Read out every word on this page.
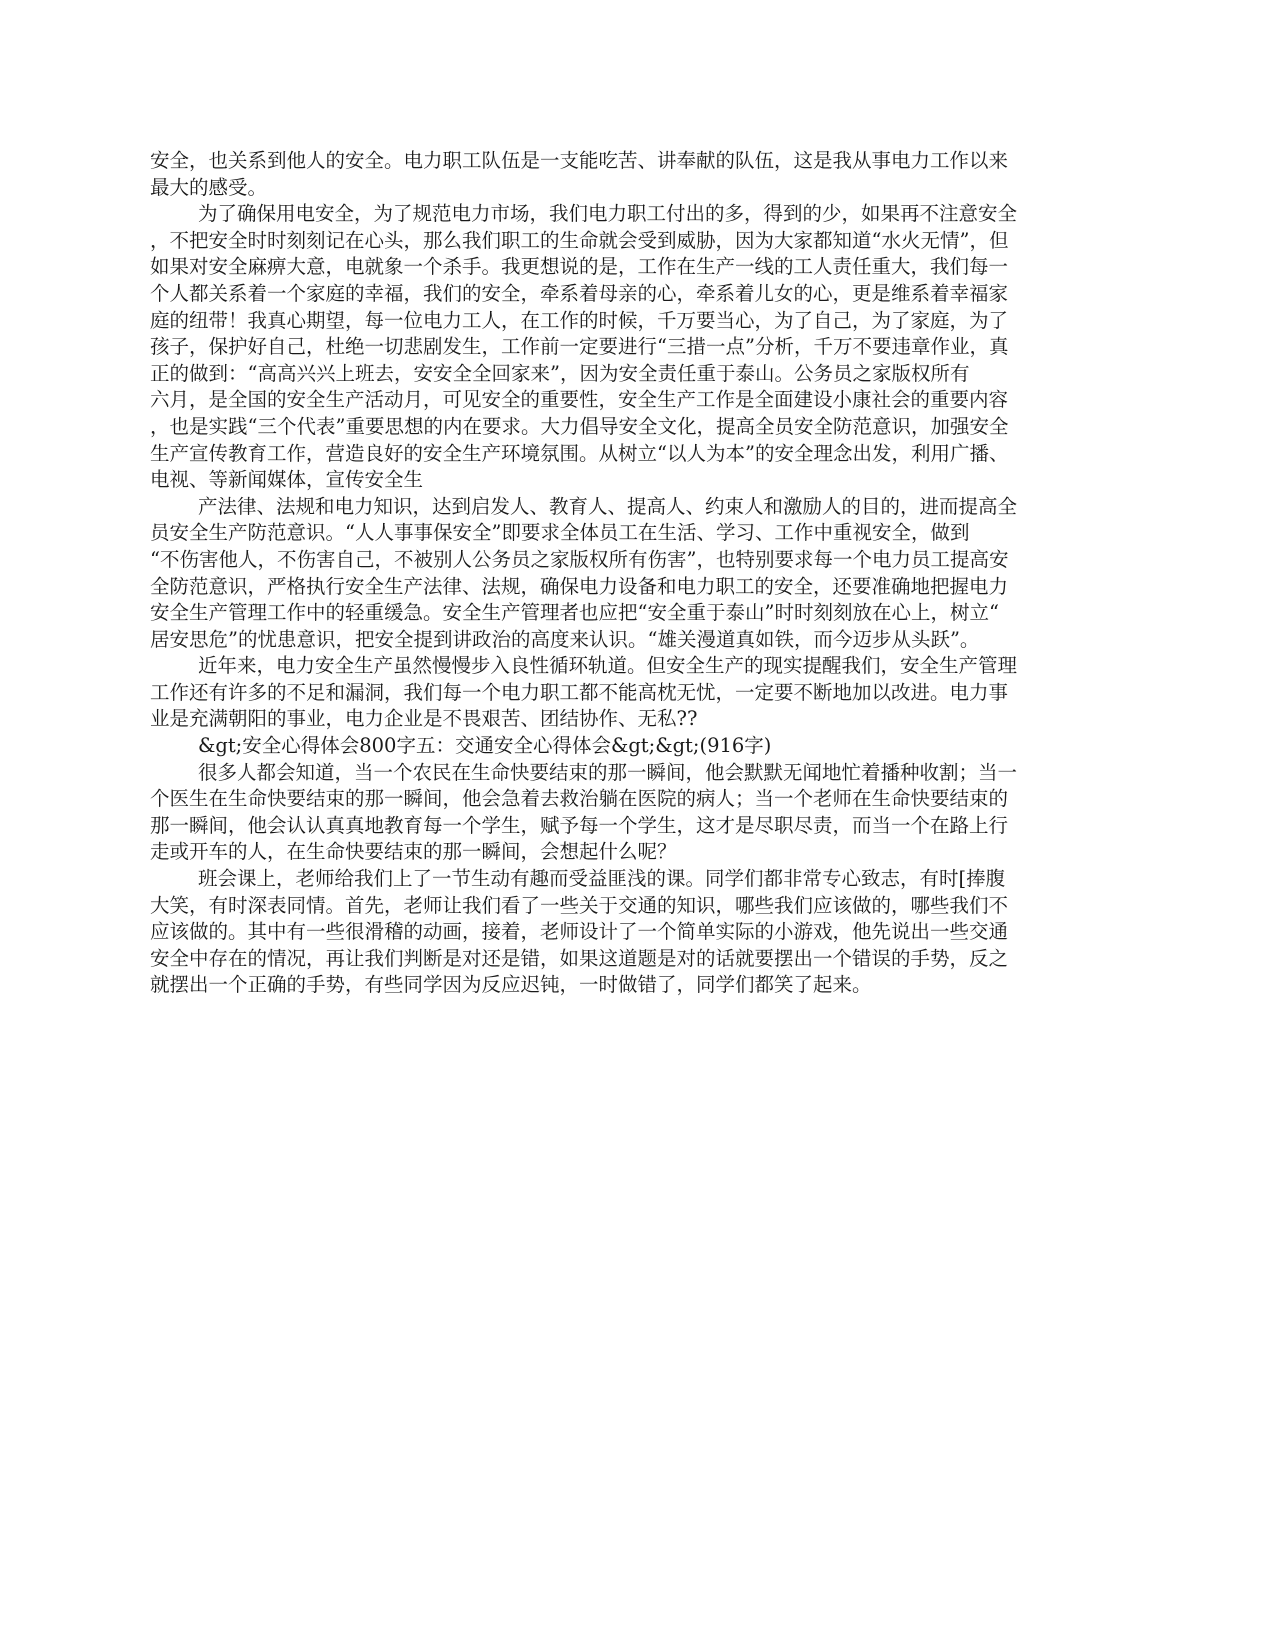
安全，也关系到他人的安全。电力职工队伍是一支能吃苦、讲奉献的队伍，这是我从事电力工作以来
最大的感受。
为了确保用电安全，为了规范电力市场，我们电力职工付出的多，得到的少，如果再不注意安全
，不把安全时时刻刻记在心头，那么我们职工的生命就会受到威胁，因为大家都知道“水火无情”，但
如果对安全麻痹大意，电就象一个杀手。我更想说的是，工作在生产一线的工人责任重大，我们每一
个人都关系着一个家庭的幸福，我们的安全，牵系着母亲的心，牵系着儿女的心，更是维系着幸福家
庭的纽带！我真心期望，每一位电力工人，在工作的时候，千万要当心，为了自己，为了家庭，为了
孩子，保护好自己，杜绝一切悲剧发生，工作前一定要进行“三措一点”分析，千万不要违章作业，真
正的做到：“高高兴兴上班去，安安全全回家来”，因为安全责任重于泰山。公务员之家版权所有
六月，是全国的安全生产活动月，可见安全的重要性，安全生产工作是全面建设小康社会的重要内容
，也是实践“三个代表”重要思想的内在要求。大力倡导安全文化，提高全员安全防范意识，加强安全
生产宣传教育工作，营造良好的安全生产环境氛围。从树立“以人为本”的安全理念出发，利用广播、
电视、等新闻媒体，宣传安全生
产法律、法规和电力知识，达到启发人、教育人、提高人、约束人和激励人的目的，进而提高全
员安全生产防范意识。“人人事事保安全”即要求全体员工在生活、学习、工作中重视安全，做到
“不伤害他人，不伤害自己，不被别人公务员之家版权所有伤害”，也特别要求每一个电力员工提高安
全防范意识，严格执行安全生产法律、法规，确保电力设备和电力职工的安全，还要准确地把握电力
安全生产管理工作中的轻重缓急。安全生产管理者也应把“安全重于泰山”时时刻刻放在心上，树立“
居安思危”的忧患意识，把安全提到讲政治的高度来认识。“雄关漫道真如铁，而今迈步从头跃”。
近年来，电力安全生产虽然慢慢步入良性循环轨道。但安全生产的现实提醒我们，安全生产管理
工作还有许多的不足和漏洞，我们每一个电力职工都不能高枕无忧，一定要不断地加以改进。电力事
业是充满朝阳的事业，电力企业是不畏艰苦、团结协作、无私??
&gt;安全心得体会800字五：交通安全心得体会&gt;&gt;(916字)
很多人都会知道，当一个农民在生命快要结束的那一瞬间，他会默默无闻地忙着播种收割；当一
个医生在生命快要结束的那一瞬间，他会急着去救治躺在医院的病人；当一个老师在生命快要结束的
那一瞬间，他会认认真真地教育每一个学生，赋予每一个学生，这才是尽职尽责，而当一个在路上行
走或开车的人，在生命快要结束的那一瞬间，会想起什么呢？
班会课上，老师给我们上了一节生动有趣而受益匪浅的课。同学们都非常专心致志，有时[捧腹
大笑，有时深表同情。首先，老师让我们看了一些关于交通的知识，哪些我们应该做的，哪些我们不
应该做的。其中有一些很滑稽的动画，接着，老师设计了一个简单实际的小游戏，他先说出一些交通
安全中存在的情况，再让我们判断是对还是错，如果这道题是对的话就要摆出一个错误的手势，反之
就摆出一个正确的手势，有些同学因为反应迟钝，一时做错了，同学们都笑了起来。
